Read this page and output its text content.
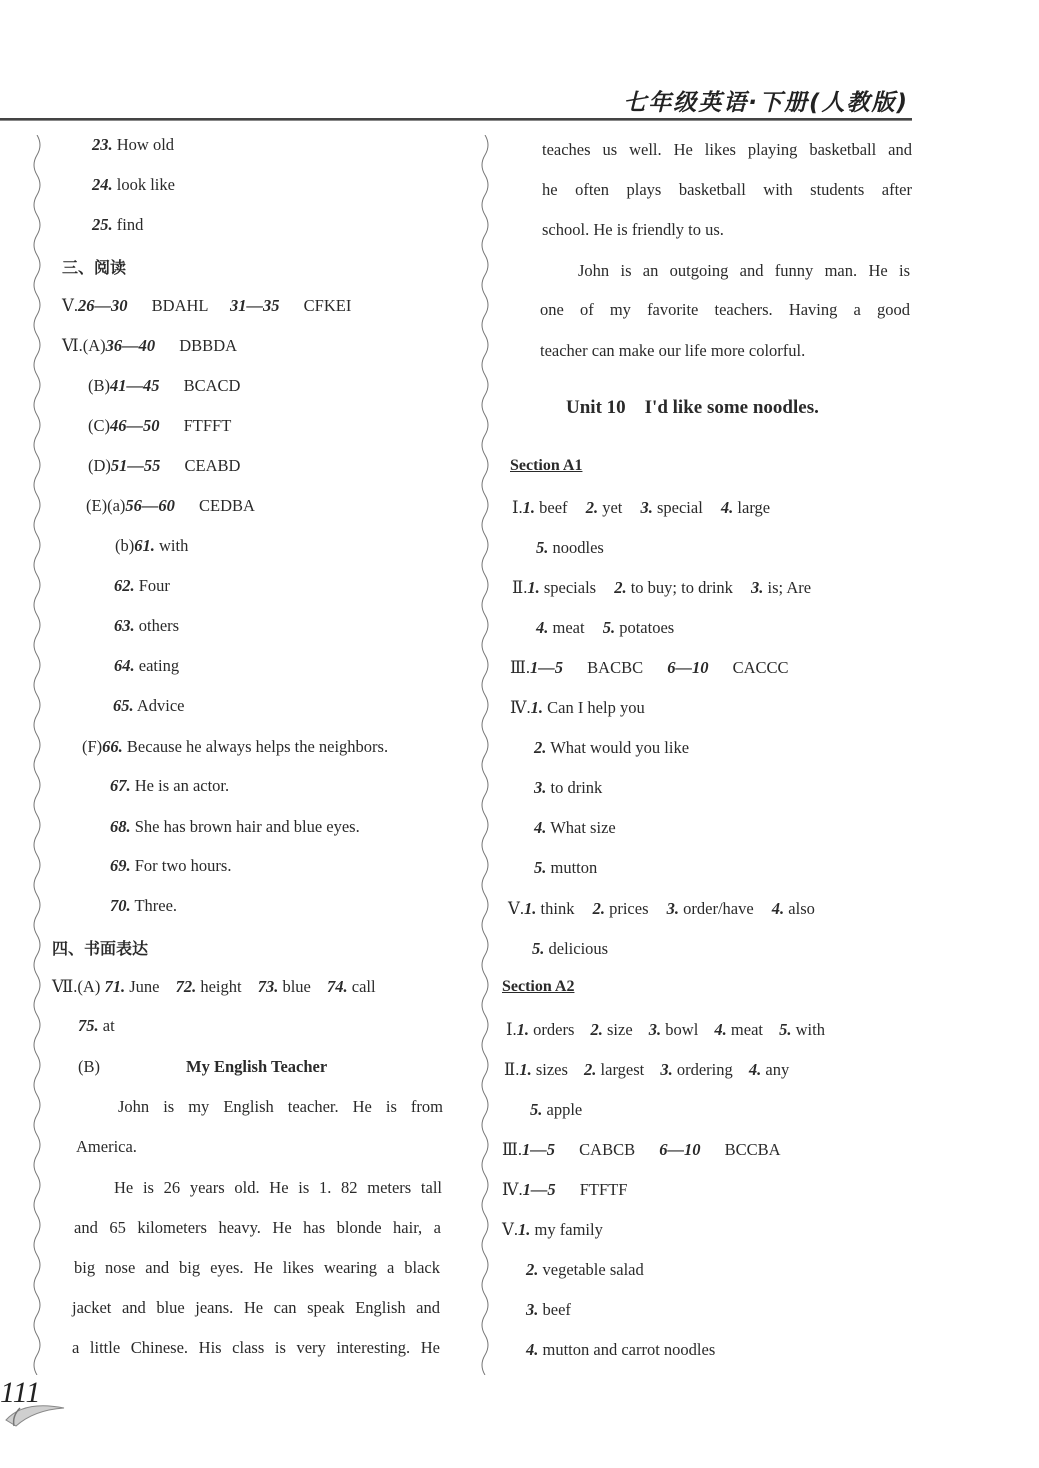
七年级英语·下册(人教版)
23. How old
24. look like
25. find
三、阅读
Ⅴ.26—30 BDAHL 31—35 CFKEI
Ⅵ.(A)36—40 DBBDA
(B)41—45 BCACD
(C)46—50 FTFFT
(D)51—55 CEABD
(E)(a)56—60 CEDBA
(b)61. with
62. Four
63. others
64. eating
65. Advice
(F)66. Because he always helps the neighbors.
67. He is an actor.
68. She has brown hair and blue eyes.
69. For two hours.
70. Three.
四、书面表达
Ⅶ.(A) 71. June 72. height 73. blue 74. call
75. at
(B)	My English Teacher
John is my English teacher. He is from
America.
He is 26 years old. He is 1. 82 meters tall
and 65 kilometers heavy. He has blonde hair, a
big nose and big eyes. He likes wearing a black
jacket and blue jeans. He can speak English and
a little Chinese. His class is very interesting. He
teaches us well. He likes playing basketball and
he often plays basketball with students after
school. He is friendly to us.
John is an outgoing and funny man. He is
one of my favorite teachers. Having a good
teacher can make our life more colorful.
Unit 10    I'd like some noodles.
Section A1
Ⅰ.1. beef 2. yet 3. special 4. large
5. noodles
Ⅱ.1. specials 2. to buy; to drink 3. is; Are
4. meat 5. potatoes
Ⅲ.1—5 BACBC 6—10 CACCC
Ⅳ.1. Can I help you
2. What would you like
3. to drink
4. What size
5. mutton
Ⅴ.1. think 2. prices 3. order/have 4. also
5. delicious
Section A2
Ⅰ.1. orders 2. size 3. bowl 4. meat 5. with
Ⅱ.1. sizes 2. largest 3. ordering 4. any
5. apple
Ⅲ.1—5 CABCB 6—10 BCCBA
Ⅳ.1—5 FTFTF
Ⅴ.1. my family
2. vegetable salad
3. beef
4. mutton and carrot noodles
111
